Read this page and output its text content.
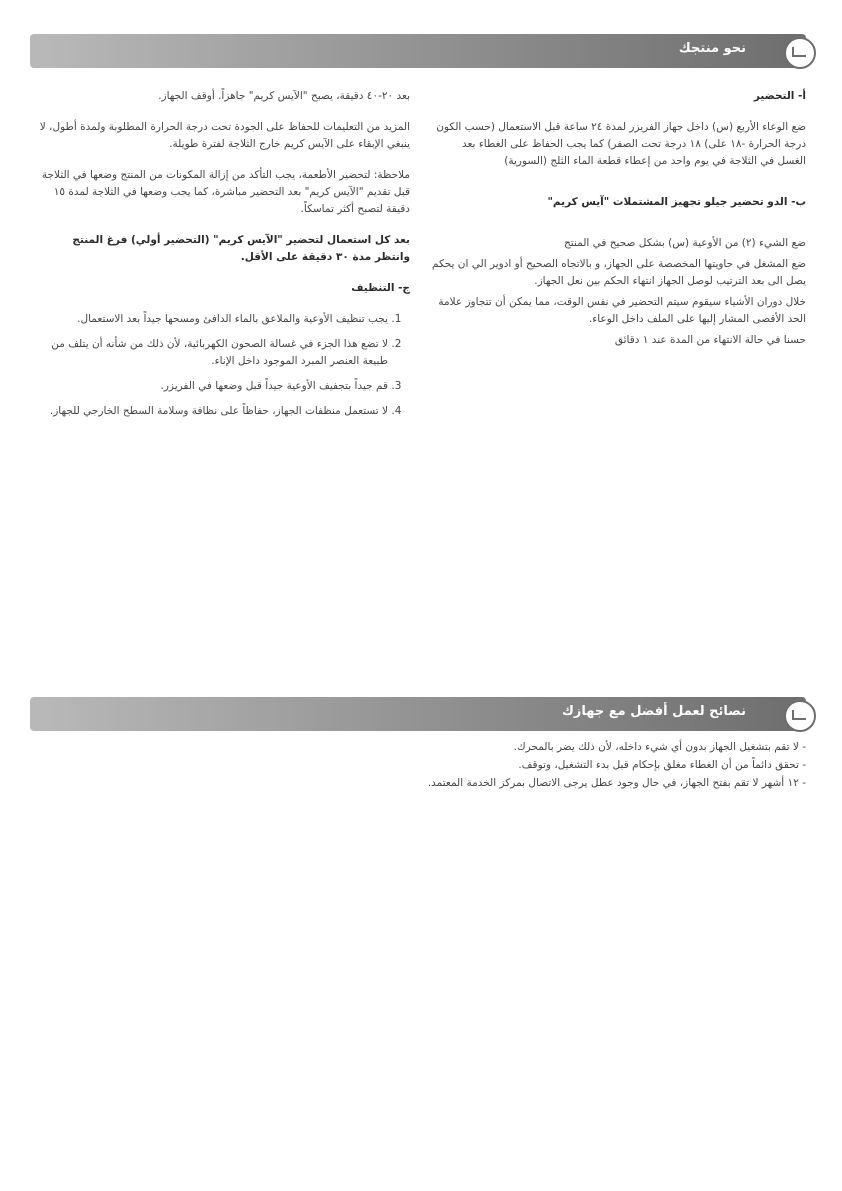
نحو منتجك

أ- التحضير

ضع الوعاء الأربع (س) داخل جهاز الفريزر لمدة ٢٤ ساعة قبل الاستعمال (حسب الكون درجة الحرارة -١٨ على) ١٨ درجة تحت الصفر) كما يجب الحفاظ على الغطاء بعد الغسل في الثلاجة في يوم واحد من إعطاء قطعة الماء الثلج (السورية)

ب- الدو تحضير جيلو تجهيز المشتملات "آيس كريم"

ضع الشيء (٢) من الأوعية (س) بشكل صحيح في المنتج

ضع المشغل في حاويتها المخصصة على الجهاز، و بالاتجاه الصحيح أو ادوير الي ان يحكم يصل الى بعد الترتيب لوصل الجهاز انتهاء الحكم بين نعل الجهاز.

خلال دوران الأشياء سيقوم سيتم التحضير في نفس الوقت، مما يمكن أن تتجاوز علامة الحد الأقصى المشار إليها على الملف داخل الوعاء.

حسنا في حالة الانتهاء من المدة عند ١ دقائق

بعد ٢٠-٤٠ دقيقة، يصبح "الآيس كريم" جاهزاً. أوقف الجهاز.

المزيد من التعليمات للحفاظ على الجودة تحت درجة الحرارة المطلوبة ولمدة أطول، لا ينبغي الإبقاء على الآيس كريم خارج الثلاجة لفترة طويلة.

ملاحظة: لتحضير الأطعمة، يجب التأكد من إزالة المكونات من المنتج وضعها في الثلاجة قبل تقديم "الآيس كريم" بعد التحضير مباشرة، كما يجب وضعها في الثلاجة لمدة ١٥ دقيقة لتصبح أكثر تماسكاً.

بعد كل استعمال لتحضير "الآيس كريم" (التحضير أولي) فرغ المنتج وانتظر مدة ٣٠ دقيقة على الأقل.

ج- التنظيف

1. يجب تنظيف الأوعية والملاعق بالماء الدافئ ومسحها جيداً بعد الاستعمال.
2. لا تضع هذا الجزء في غسالة الصحون الكهربائية، لأن ذلك من شأنه أن يتلف من طبيعة العنصر المبرد الموجود داخل الإناء.
3. قم جيداً بتجفيف الأوعية جيداً قبل وضعها في الفريزر.
4. لا تستعمل منظفات الجهاز، حفاظاً على نظافة وسلامة السطح الخارجي للجهاز.
نصائح لعمل أفضل مع جهازك
- لا تقم بتشغيل الجهاز بدون أي شيء داخله، لأن ذلك يضر بالمحرك.
- تحقق دائماً من أن الغطاء مغلق بإحكام قبل بدء التشغيل، وتوقف.
- ١٢ أشهر لا تقم بفتح الجهاز، في حال وجود عطل يرجى الاتصال بمركز الخدمة المعتمد.
